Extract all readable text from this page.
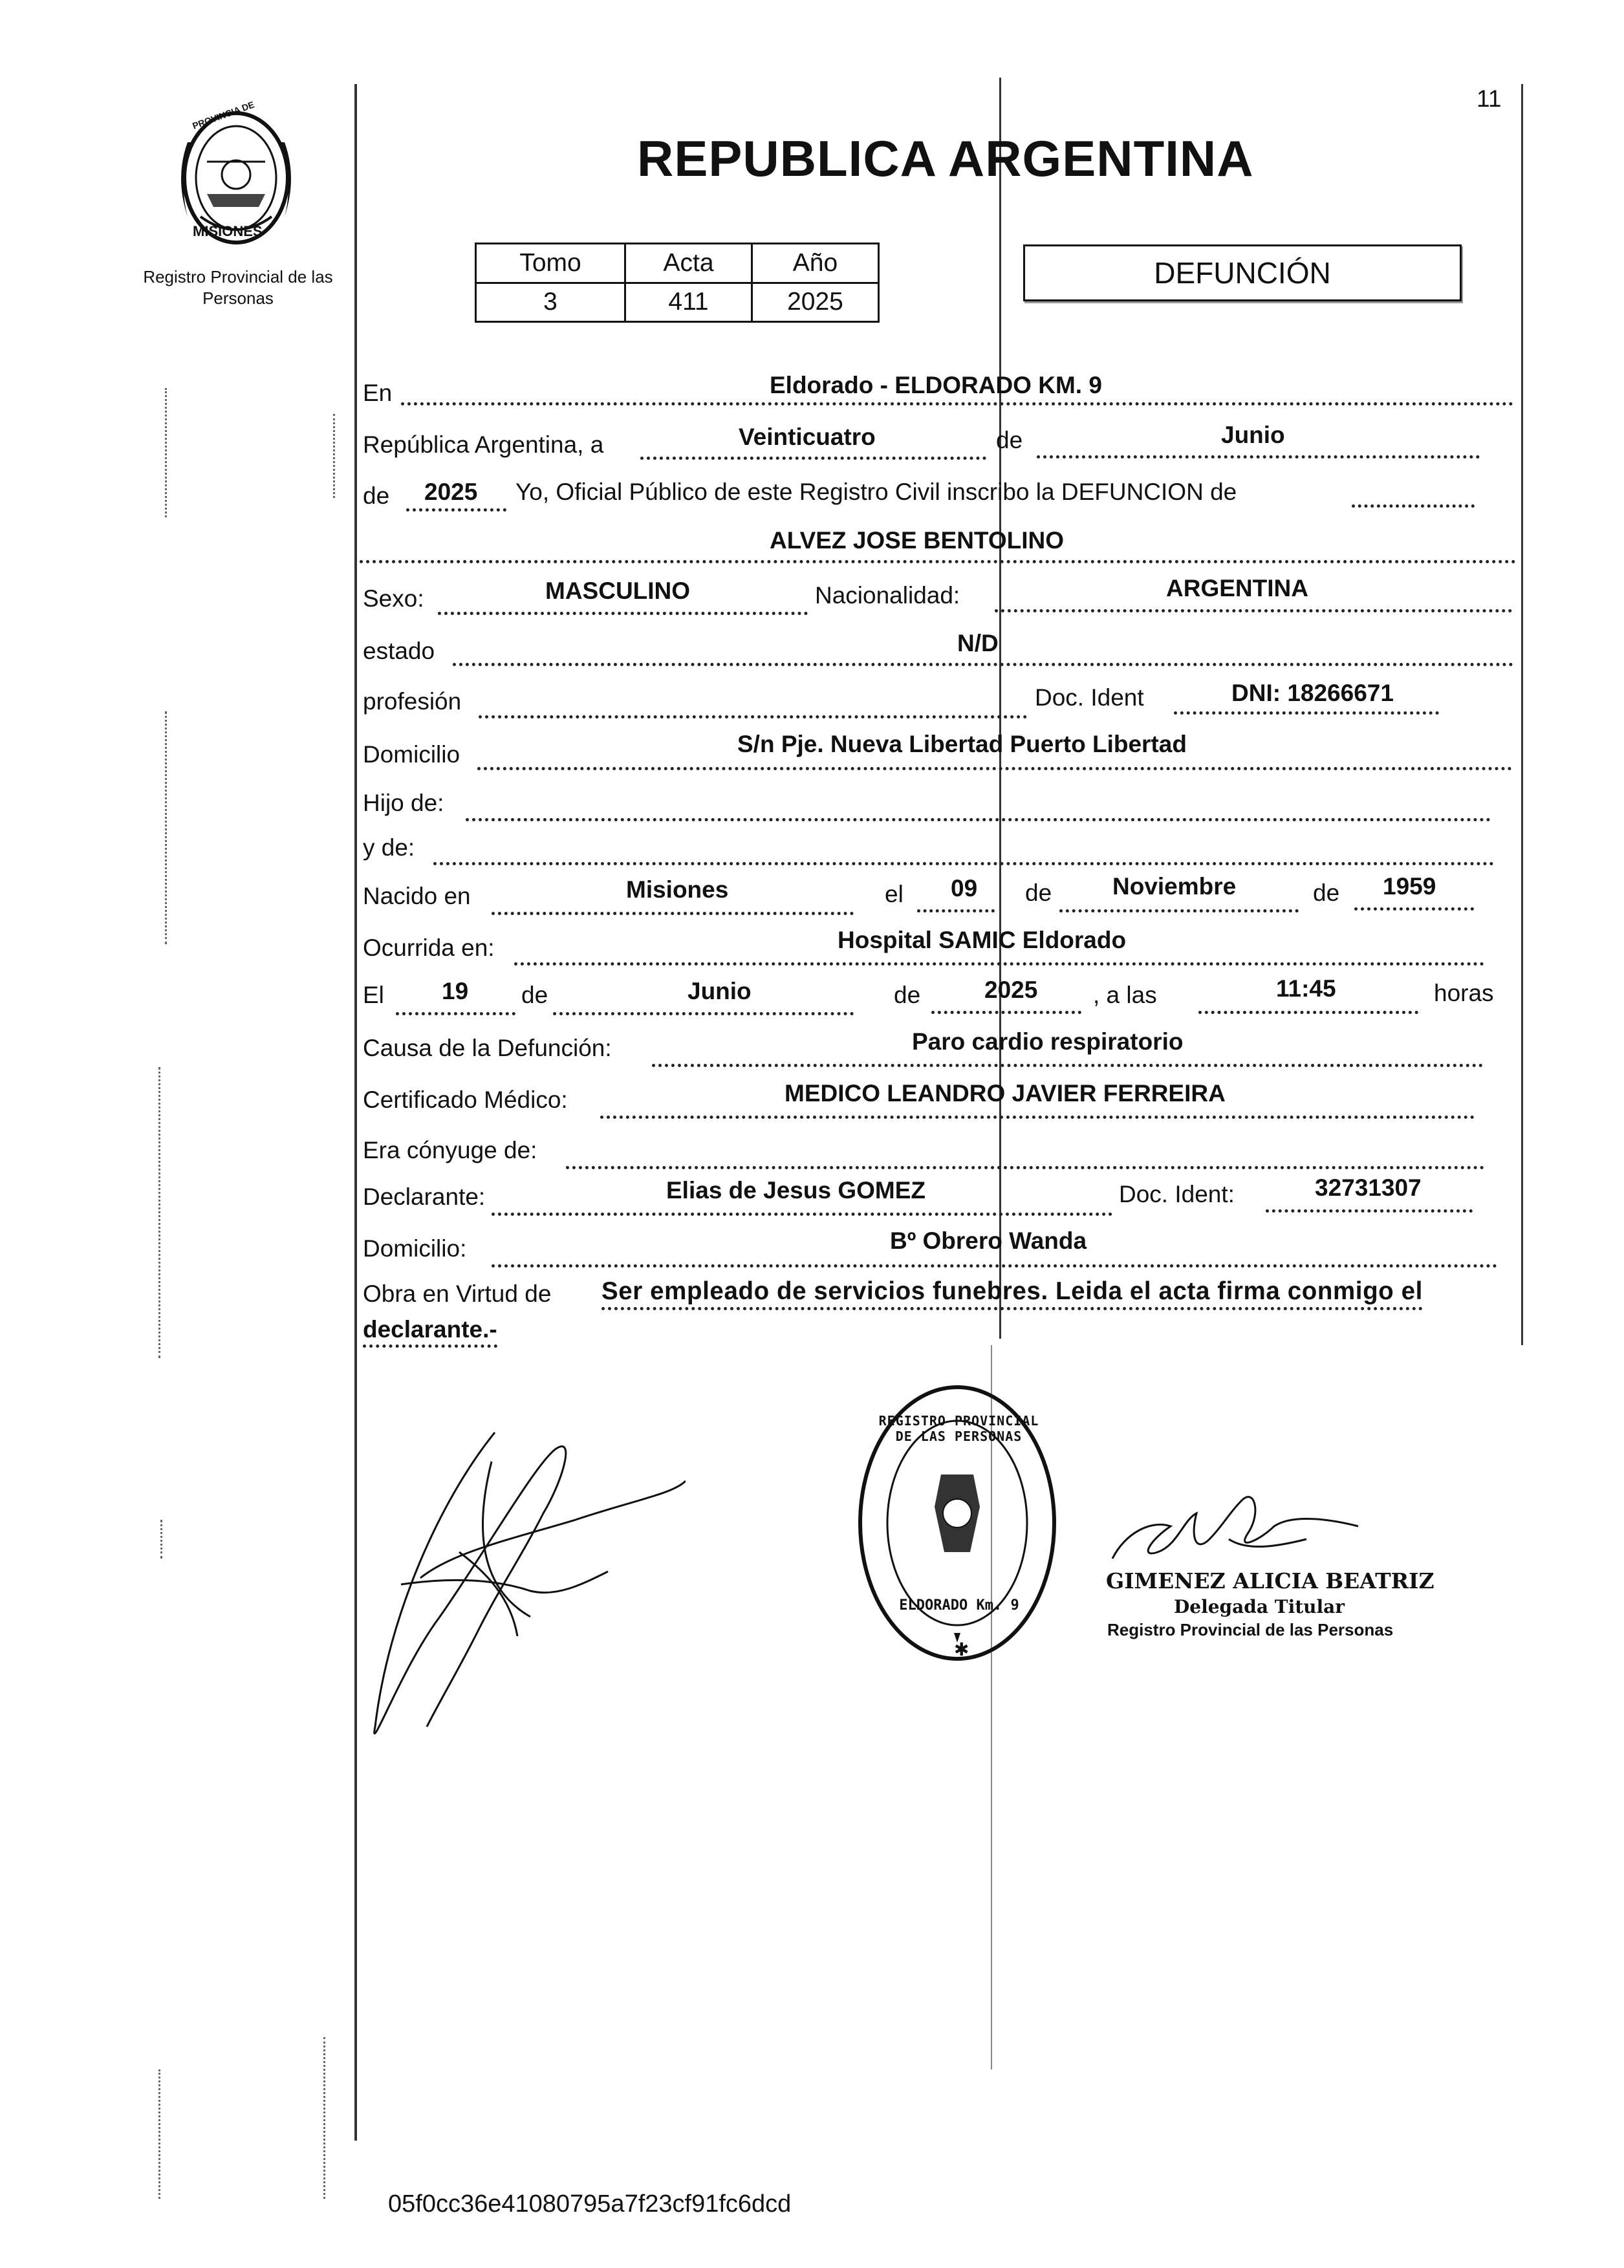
11
PROVINCIA DE
MISIONES
Registro Provincial de las Personas
REPUBLICA ARGENTINA
Tomo	Acta	Año
3	411	2025
DEFUNCIÓN
En	Eldorado - ELDORADO KM. 9
República Argentina, a	Veinticuatro	de	Junio
de 2025 Yo, Oficial Público de este Registro Civil inscribo la DEFUNCION de
ALVEZ JOSE BENTOLINO
Sexo:	MASCULINO	Nacionalidad:	ARGENTINA
estado	N/D
profesión	Doc. Ident	DNI: 18266671
Domicilio	S/n Pje. Nueva Libertad Puerto Libertad
Hijo de:
y de:
Nacido en	Misiones	el 09 de	Noviembre	de 1959
Ocurrida en:	Hospital SAMIC Eldorado
El 19 de	Junio	de	2025 , a las	11:45	horas
Causa de la Defunción:	Paro cardio respiratorio
Certificado Médico:	MEDICO LEANDRO JAVIER FERREIRA
Era cónyuge de:
Declarante:	Elias de Jesus GOMEZ	Doc. Ident:	32731307
Domicilio:	Bº Obrero Wanda
Obra en Virtud de Ser empleado de servicios funebres. Leida el acta firma conmigo el
declarante.-
✱
REGISTRO PROVINCIAL DE LAS PERSONAS
ELDORADO Km. 9
GIMENEZ ALICIA BEATRIZ
Delegada Titular
Registro Provincial de las Personas
05f0cc36e41080795a7f23cf91fc6dcd
